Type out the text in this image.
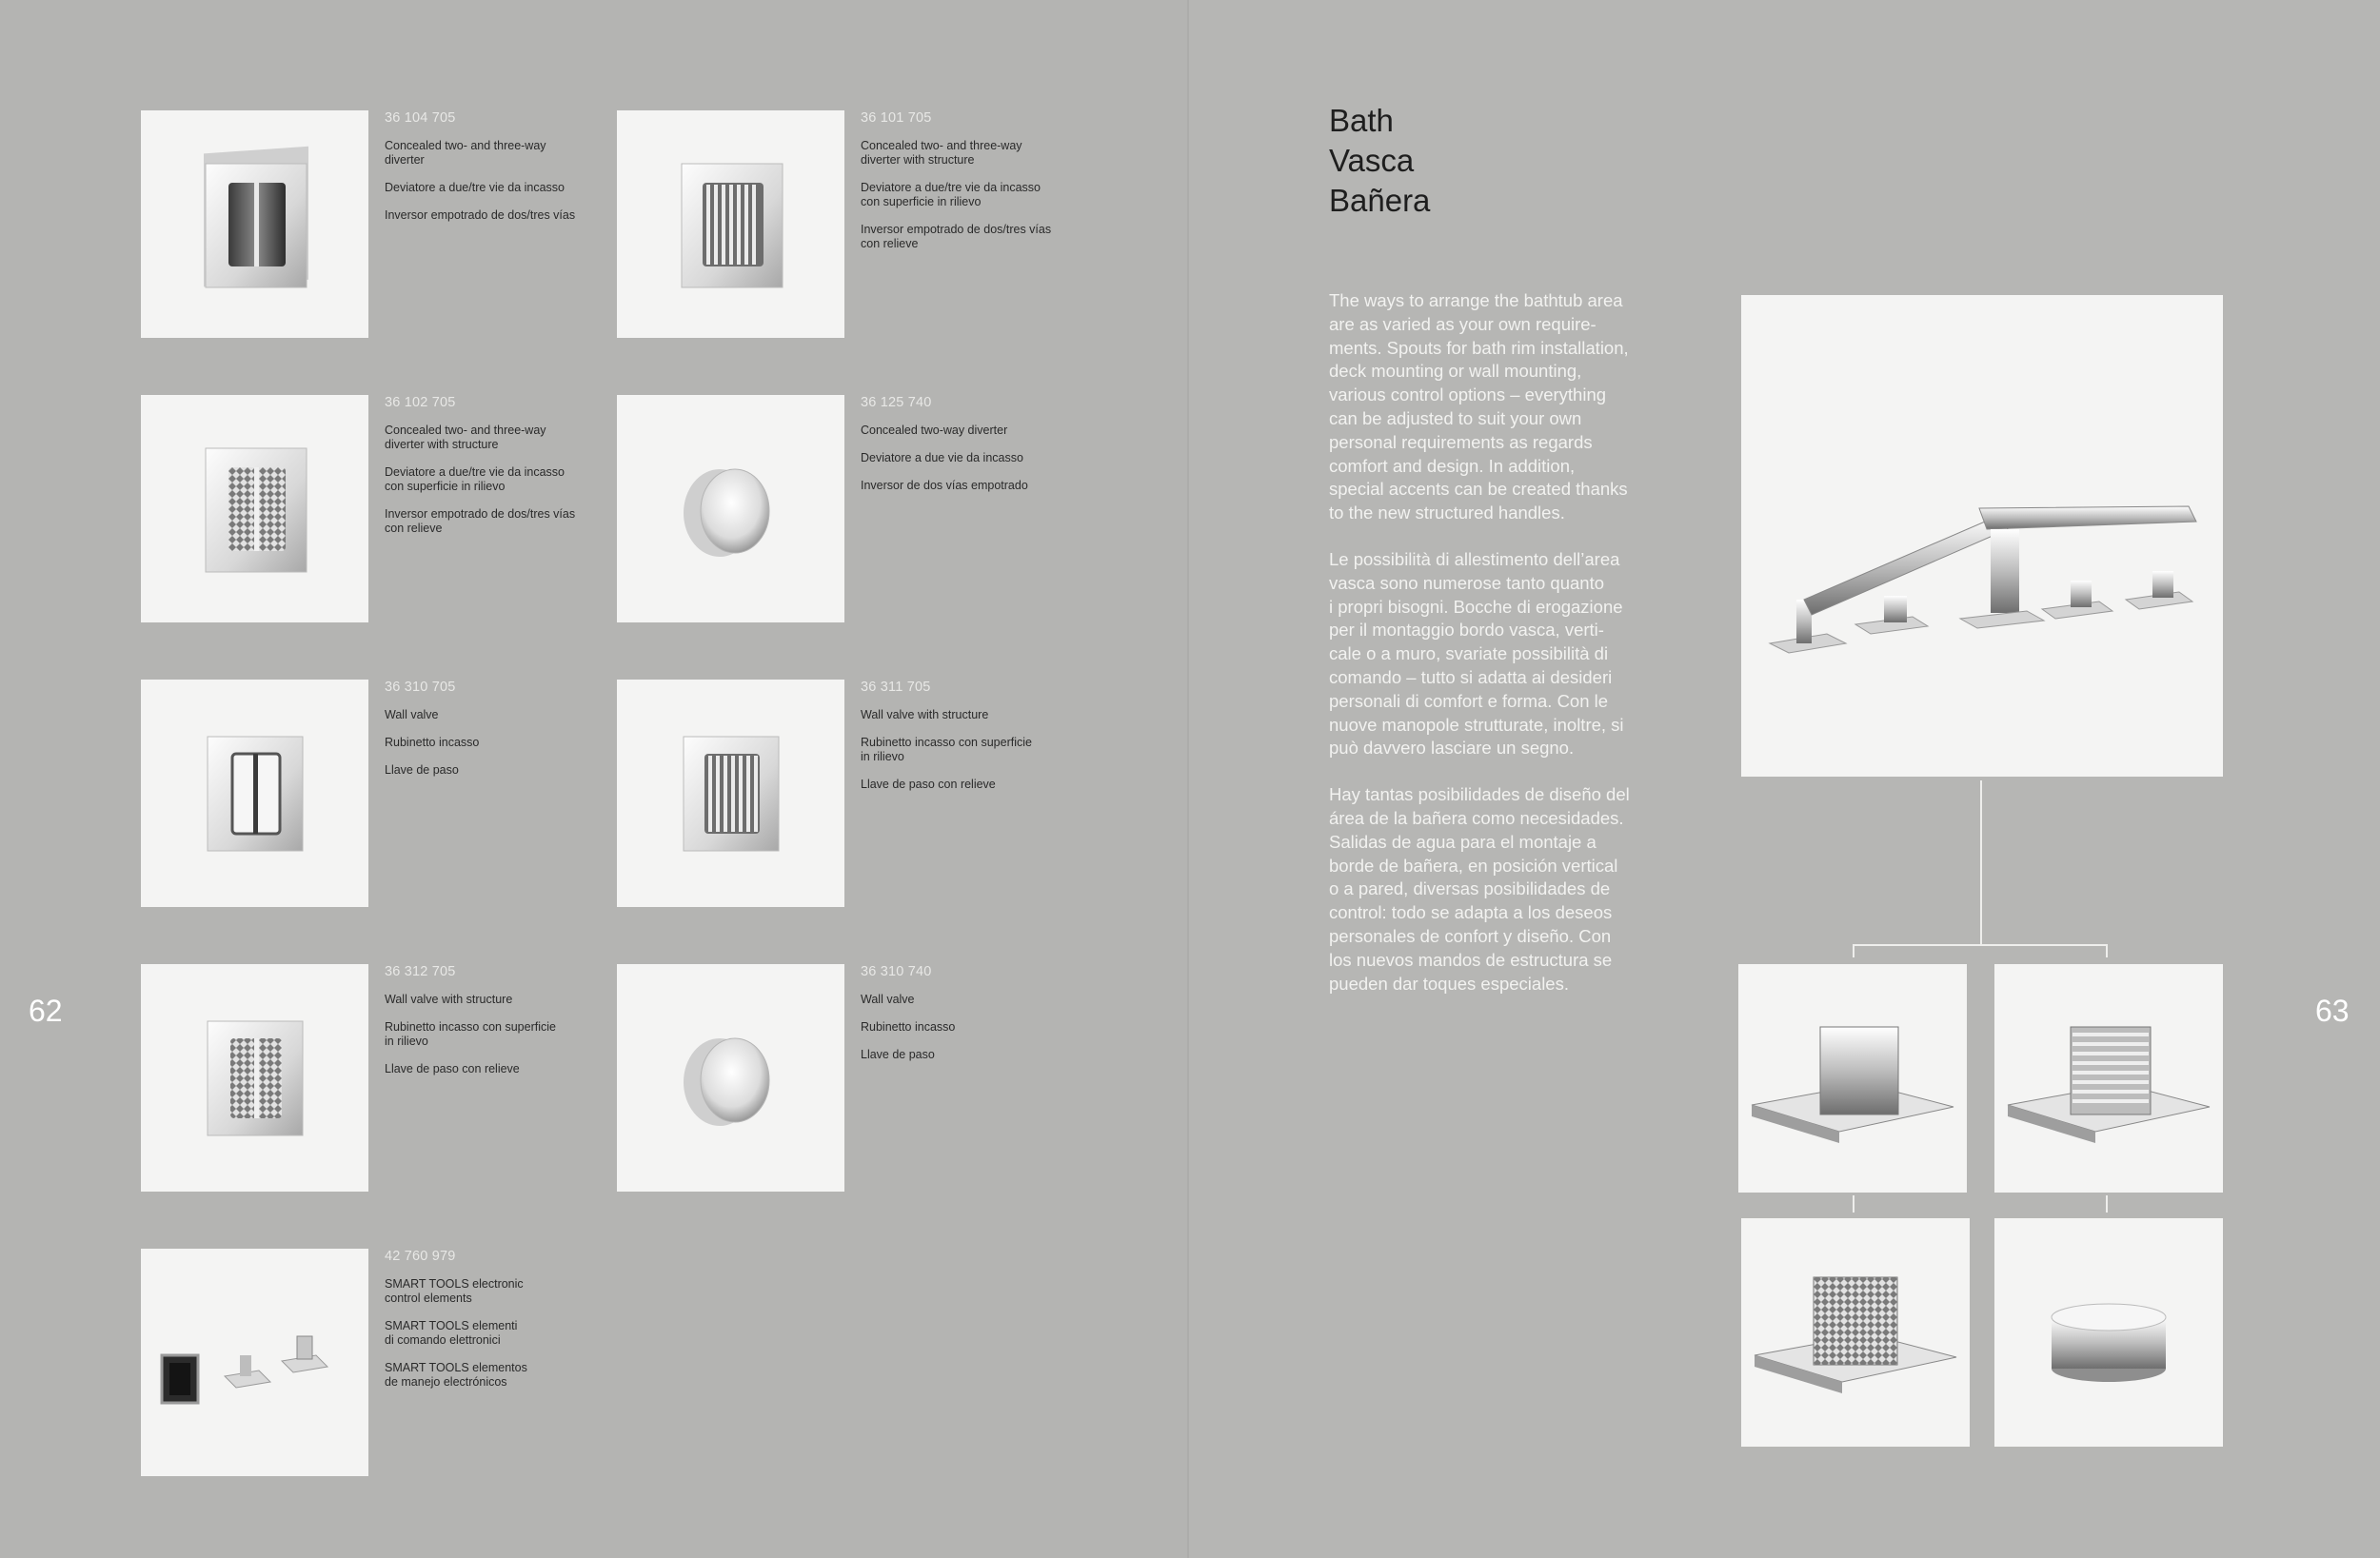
36 104 705
Concealed two- and three-way
diverter
Deviatore a due/tre vie da incasso
Inversor empotrado de dos/tres vías
36 101 705
Concealed two- and three-way
diverter with structure
Deviatore a due/tre vie da incasso
con superficie in rilievo
Inversor empotrado de dos/tres vías
con relieve
36 102 705
Concealed two- and three-way
diverter with structure
Deviatore a due/tre vie da incasso
con superficie in rilievo
Inversor empotrado de dos/tres vías
con relieve
36 125 740
Concealed two-way diverter
Deviatore a due vie da incasso
Inversor de dos vías empotrado
36 310 705
Wall valve
Rubinetto incasso
Llave de paso
36 311 705
Wall valve with structure
Rubinetto incasso con superficie
in rilievo
Llave de paso con relieve
36 312 705
Wall valve with structure
Rubinetto incasso con superficie
in rilievo
Llave de paso con relieve
36 310 740
Wall valve
Rubinetto incasso
Llave de paso
42 760 979
SMART TOOLS electronic
control elements
SMART TOOLS elementi
di comando elettronici
SMART TOOLS elementos
de manejo electrónicos
62	63
Bath
Vasca
Bañera

The ways to arrange the bathtub area
are as varied as your own require-
ments. Spouts for bath rim installation,
deck mounting or wall mounting,
various control options – everything
can be adjusted to suit your own
personal requirements as regards
comfort and design. In addition,
special accents can be created thanks
to the new structured handles.

Le possibilità di allestimento dell’area
vasca sono numerose tanto quanto
i propri bisogni. Bocche di erogazione
per il montaggio bordo vasca, verti-
cale o a muro, svariate possibilità di
comando – tutto si adatta ai desideri
personali di comfort e forma. Con le
nuove manopole strutturate, inoltre, si
può davvero lasciare un segno.

Hay tantas posibilidades de diseño del
área de la bañera como necesidades.
Salidas de agua para el montaje a
borde de bañera, en posición vertical
o a pared, diversas posibilidades de
control: todo se adapta a los deseos
personales de confort y diseño. Con
los nuevos mandos de estructura se
pueden dar toques especiales.
